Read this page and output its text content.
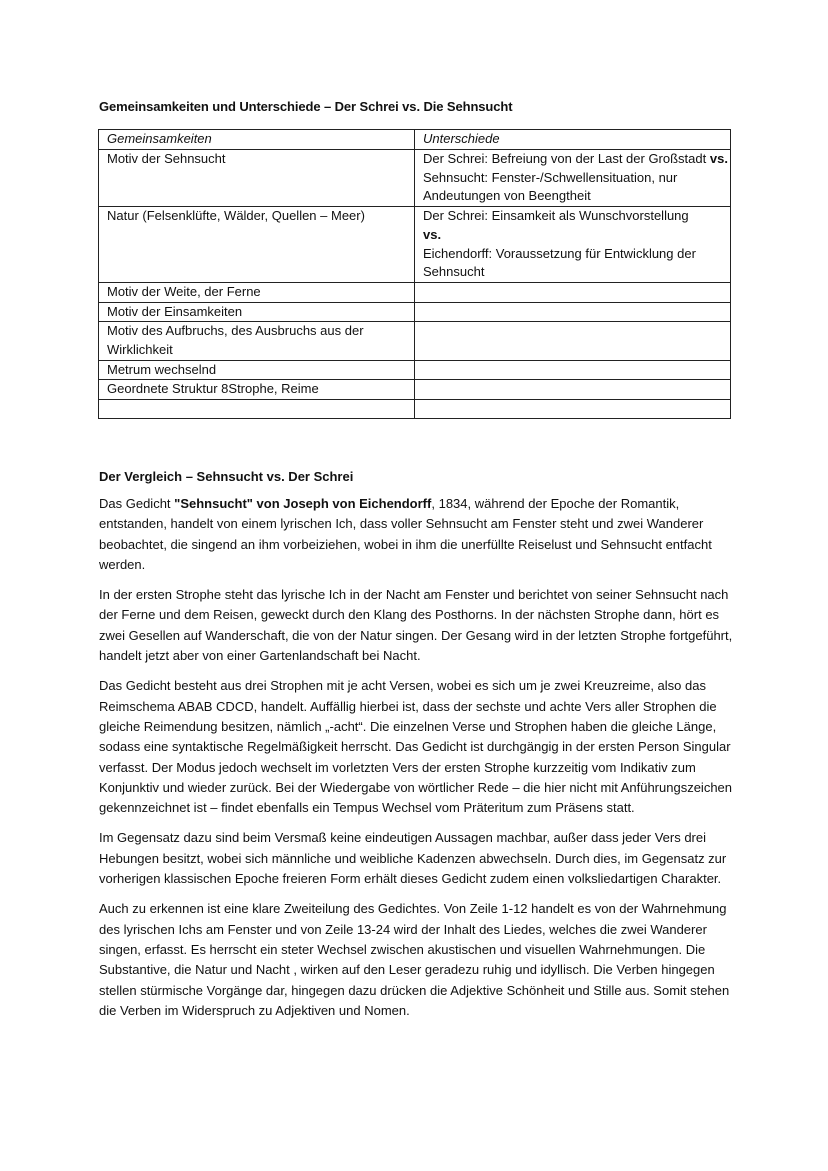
Gemeinsamkeiten und Unterschiede – Der Schrei vs. Die Sehnsucht
Gemeinsamkeiten	Unterschiede
Motiv der Sehnsucht	Der Schrei: Befreiung von der Last der Großstadt vs.
Sehnsucht: Fenster-/Schwellensituation, nur Andeutungen von Beengtheit
Natur (Felsenklüfte, Wälder, Quellen – Meer)	Der Schrei: Einsamkeit als Wunschvorstellung
vs.
Eichendorff: Voraussetzung für Entwicklung der Sehnsucht
Motiv der Weite, der Ferne	
Motiv der Einsamkeiten	
Motiv des Aufbruchs, des Ausbruchs aus der Wirklichkeit	
Metrum wechselnd	
Geordnete Struktur 8Strophe, Reime	

Der Vergleich – Sehnsucht vs. Der Schrei

Das Gedicht "Sehnsucht" von Joseph von Eichendorff, 1834, während der Epoche der Romantik, entstanden, handelt von einem lyrischen Ich, dass voller Sehnsucht am Fenster steht und zwei Wanderer beobachtet, die singend an ihm vorbeiziehen, wobei in ihm die unerfüllte Reiselust und Sehnsucht entfacht werden.

In der ersten Strophe steht das lyrische Ich in der Nacht am Fenster und berichtet von seiner Sehnsucht nach der Ferne und dem Reisen, geweckt durch den Klang des Posthorns. In der nächsten Strophe dann, hört es zwei Gesellen auf Wanderschaft, die von der Natur singen. Der Gesang wird in der letzten Strophe fortgeführt, handelt jetzt aber von einer Gartenlandschaft bei Nacht.

Das Gedicht besteht aus drei Strophen mit je acht Versen, wobei es sich um je zwei Kreuzreime, also das Reimschema ABAB CDCD, handelt. Auffällig hierbei ist, dass der sechste und achte Vers aller Strophen die gleiche Reimendung besitzen, nämlich „-acht“. Die einzelnen Verse und Strophen haben die gleiche Länge, sodass eine syntaktische Regelmäßigkeit herrscht. Das Gedicht ist durchgängig in der ersten Person Singular verfasst. Der Modus jedoch wechselt im vorletzten Vers der ersten Strophe kurzzeitig vom Indikativ zum Konjunktiv und wieder zurück. Bei der Wiedergabe von wörtlicher Rede – die hier nicht mit Anführungszeichen gekennzeichnet ist – findet ebenfalls ein Tempus Wechsel vom Präteritum zum Präsens statt.

Im Gegensatz dazu sind beim Versmaß keine eindeutigen Aussagen machbar, außer dass jeder Vers drei Hebungen besitzt, wobei sich männliche und weibliche Kadenzen abwechseln. Durch dies, im Gegensatz zur vorherigen klassischen Epoche freieren Form erhält dieses Gedicht zudem einen volksliedartigen Charakter.

Auch zu erkennen ist eine klare Zweiteilung des Gedichtes. Von Zeile 1-12 handelt es von der Wahrnehmung des lyrischen Ichs am Fenster und von Zeile 13-24 wird der Inhalt des Liedes, welches die zwei Wanderer singen, erfasst. Es herrscht ein steter Wechsel zwischen akustischen und visuellen Wahrnehmungen. Die Substantive, die Natur und Nacht , wirken auf den Leser geradezu ruhig und idyllisch. Die Verben hingegen stellen stürmische Vorgänge dar, hingegen dazu drücken die Adjektive Schönheit und Stille aus. Somit stehen die Verben im Widerspruch zu Adjektiven und Nomen.
